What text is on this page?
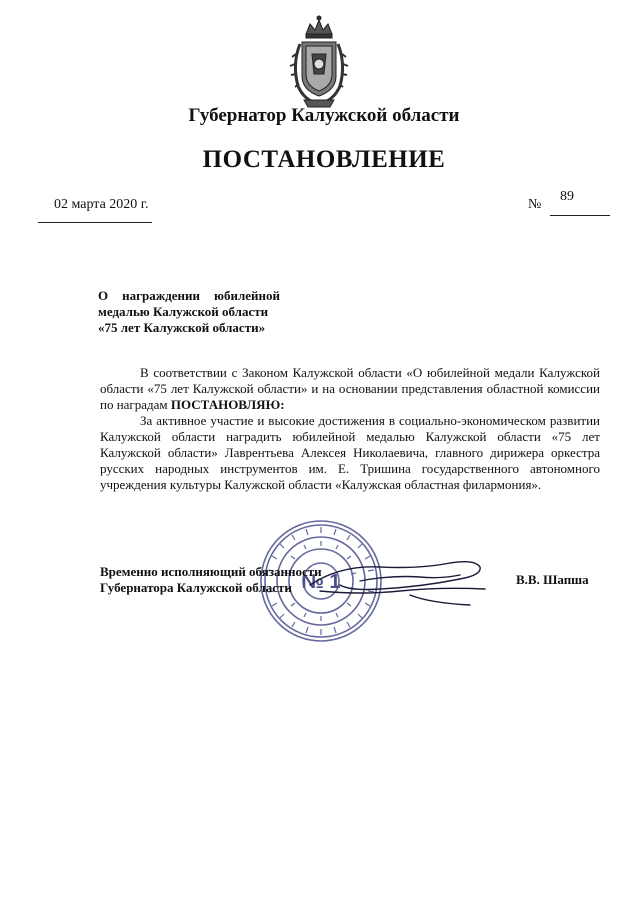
Губернатор Калужской области
ПОСТАНОВЛЕНИЕ
02 марта 2020 г.	№
89
О награждении юбилейной
медалью Калужской области
«75 лет Калужской области»

В соответствии с Законом Калужской области «О юбилейной медали Калужской области «75 лет Калужской области» и на основании представления областной комиссии по наградам ПОСТАНОВЛЯЮ:

За активное участие и высокие достижения в социально-экономическом развитии Калужской области наградить юбилейной медалью Калужской области «75 лет Калужской области» Лаврентьева Алексея Николаевича, главного дирижера оркестра русских народных инструментов им. Е. Тришина государственного автономного учреждения культуры Калужской области «Калужская областная филармония».

№ 1
Временно исполняющий обязанности
Губернатора Калужской области
В.В. Шапша
